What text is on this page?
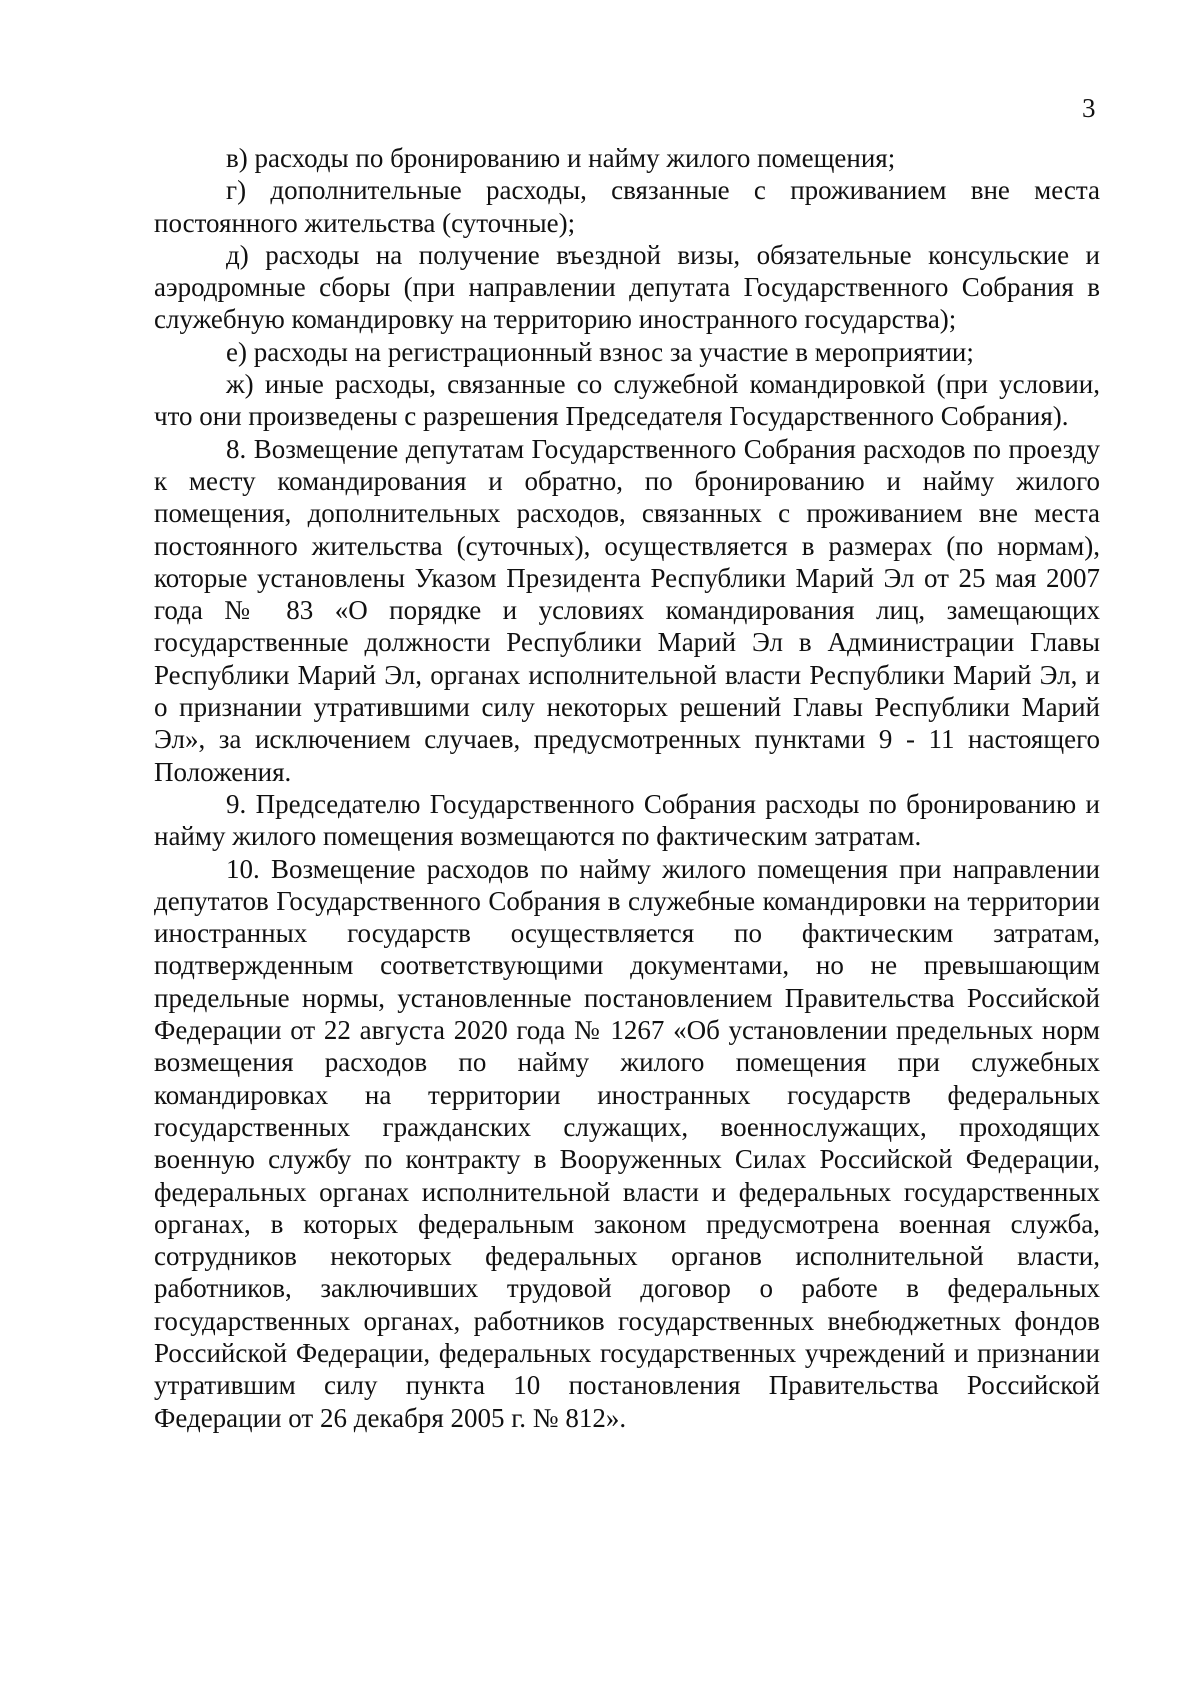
3

в) расходы по бронированию и найму жилого помещения;

г) дополнительные расходы, связанные с проживанием вне места постоянного жительства (суточные);

д) расходы на получение въездной визы, обязательные консульские и аэродромные сборы (при направлении депутата Государственного Собрания в служебную командировку на территорию иностранного государства);

е) расходы на регистрационный взнос за участие в мероприятии;

ж) иные расходы, связанные со служебной командировкой (при условии, что они произведены с разрешения Председателя Государственного Собрания).

8. Возмещение депутатам Государственного Собрания расходов по проезду к месту командирования и обратно, по бронированию и найму жилого помещения, дополнительных расходов, связанных с проживанием вне места постоянного жительства (суточных), осуществляется в размерах (по нормам), которые установлены Указом Президента Республики Марий Эл от 25 мая 2007 года № 83 «О порядке и условиях командирования лиц, замещающих государственные должности Республики Марий Эл в Администрации Главы Республики Марий Эл, органах исполнительной власти Республики Марий Эл, и о признании утратившими силу некоторых решений Главы Республики Марий Эл», за исключением случаев, предусмотренных пунктами 9 - 11 настоящего Положения.

9. Председателю Государственного Собрания расходы по бронированию и найму жилого помещения возмещаются по фактическим затратам.

10. Возмещение расходов по найму жилого помещения при направлении депутатов Государственного Собрания в служебные командировки на территории иностранных государств осуществляется по фактическим затратам, подтвержденным соответствующими документами, но не превышающим предельные нормы, установленные постановлением Правительства Российской Федерации от 22 августа 2020 года № 1267 «Об установлении предельных норм возмещения расходов по найму жилого помещения при служебных командировках на территории иностранных государств федеральных государственных гражданских служащих, военнослужащих, проходящих военную службу по контракту в Вооруженных Силах Российской Федерации, федеральных органах исполнительной власти и федеральных государственных органах, в которых федеральным законом предусмотрена военная служба, сотрудников некоторых федеральных органов исполнительной власти, работников, заключивших трудовой договор о работе в федеральных государственных органах, работников государственных внебюджетных фондов Российской Федерации, федеральных государственных учреждений и признании утратившим силу пункта 10 постановления Правительства Российской Федерации от 26 декабря 2005 г. № 812».
